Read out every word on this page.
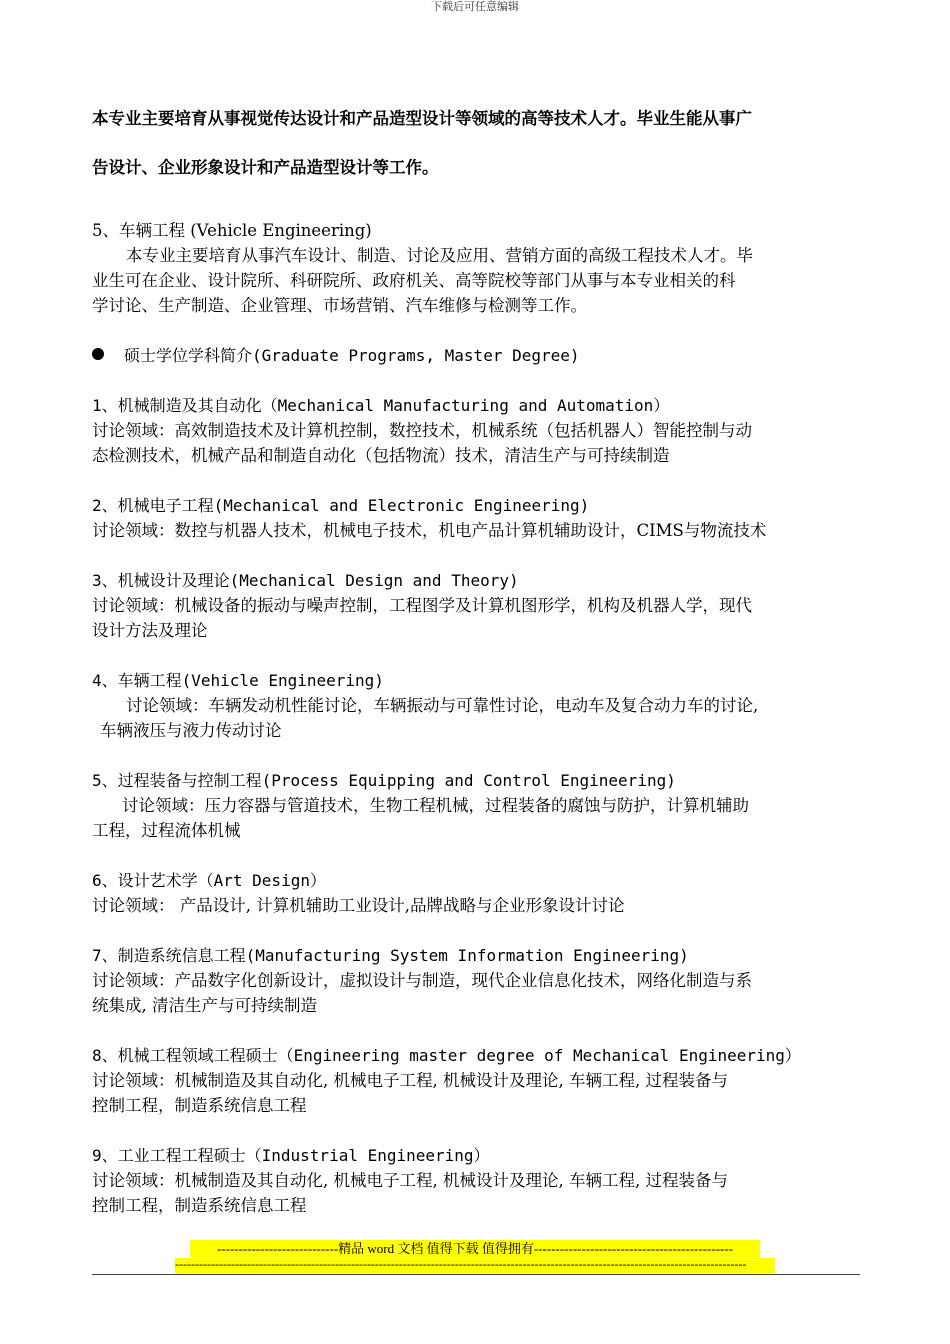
下载后可任意编辑
本专业主要培育从事视觉传达设计和产品造型设计等领域的高等技术人才。毕业生能从事广
告设计、企业形象设计和产品造型设计等工作。
5、车辆工程 (Vehicle Engineering)
本专业主要培育从事汽车设计、制造、讨论及应用、营销方面的高级工程技术人才。毕
业生可在企业、设计院所、科研院所、政府机关、高等院校等部门从事与本专业相关的科
学讨论、生产制造、企业管理、市场营销、汽车维修与检测等工作。
硕士学位学科简介(Graduate Programs, Master Degree)
1、机械制造及其自动化（Mechanical Manufacturing and Automation）
讨论领域：高效制造技术及计算机控制，数控技术，机械系统（包括机器人）智能控制与动
态检测技术，机械产品和制造自动化（包括物流）技术，清洁生产与可持续制造
2、机械电子工程(Mechanical and Electronic Engineering)
讨论领域：数控与机器人技术，机械电子技术，机电产品计算机辅助设计，CIMS与物流技术
3、机械设计及理论(Mechanical Design and Theory)
讨论领域：机械设备的振动与噪声控制，工程图学及计算机图形学，机构及机器人学，现代
设计方法及理论
4、车辆工程(Vehicle Engineering)
讨论领域：车辆发动机性能讨论，车辆振动与可靠性讨论，电动车及复合动力车的讨论,
车辆液压与液力传动讨论
5、过程装备与控制工程(Process Equipping and Control Engineering)
讨论领域：压力容器与管道技术，生物工程机械，过程装备的腐蚀与防护，计算机辅助
工程，过程流体机械
6、设计艺术学（Art Design）
讨论领域： 产品设计, 计算机辅助工业设计,品牌战略与企业形象设计讨论
7、制造系统信息工程(Manufacturing System Information Engineering)
讨论领域：产品数字化创新设计，虚拟设计与制造，现代企业信息化技术，网络化制造与系
统集成, 清洁生产与可持续制造
8、机械工程领域工程硕士（Engineering master degree of Mechanical Engineering）
讨论领域：机械制造及其自动化, 机械电子工程, 机械设计及理论, 车辆工程, 过程装备与
控制工程，制造系统信息工程
9、工业工程工程硕士（Industrial Engineering）
讨论领域：机械制造及其自动化, 机械电子工程, 机械设计及理论, 车辆工程, 过程装备与
控制工程，制造系统信息工程
----------------------------精品 word 文档 值得下载 值得拥有----------------------------------------------
-----------------------------------------------------------------------------------------------------------------------------------------------
